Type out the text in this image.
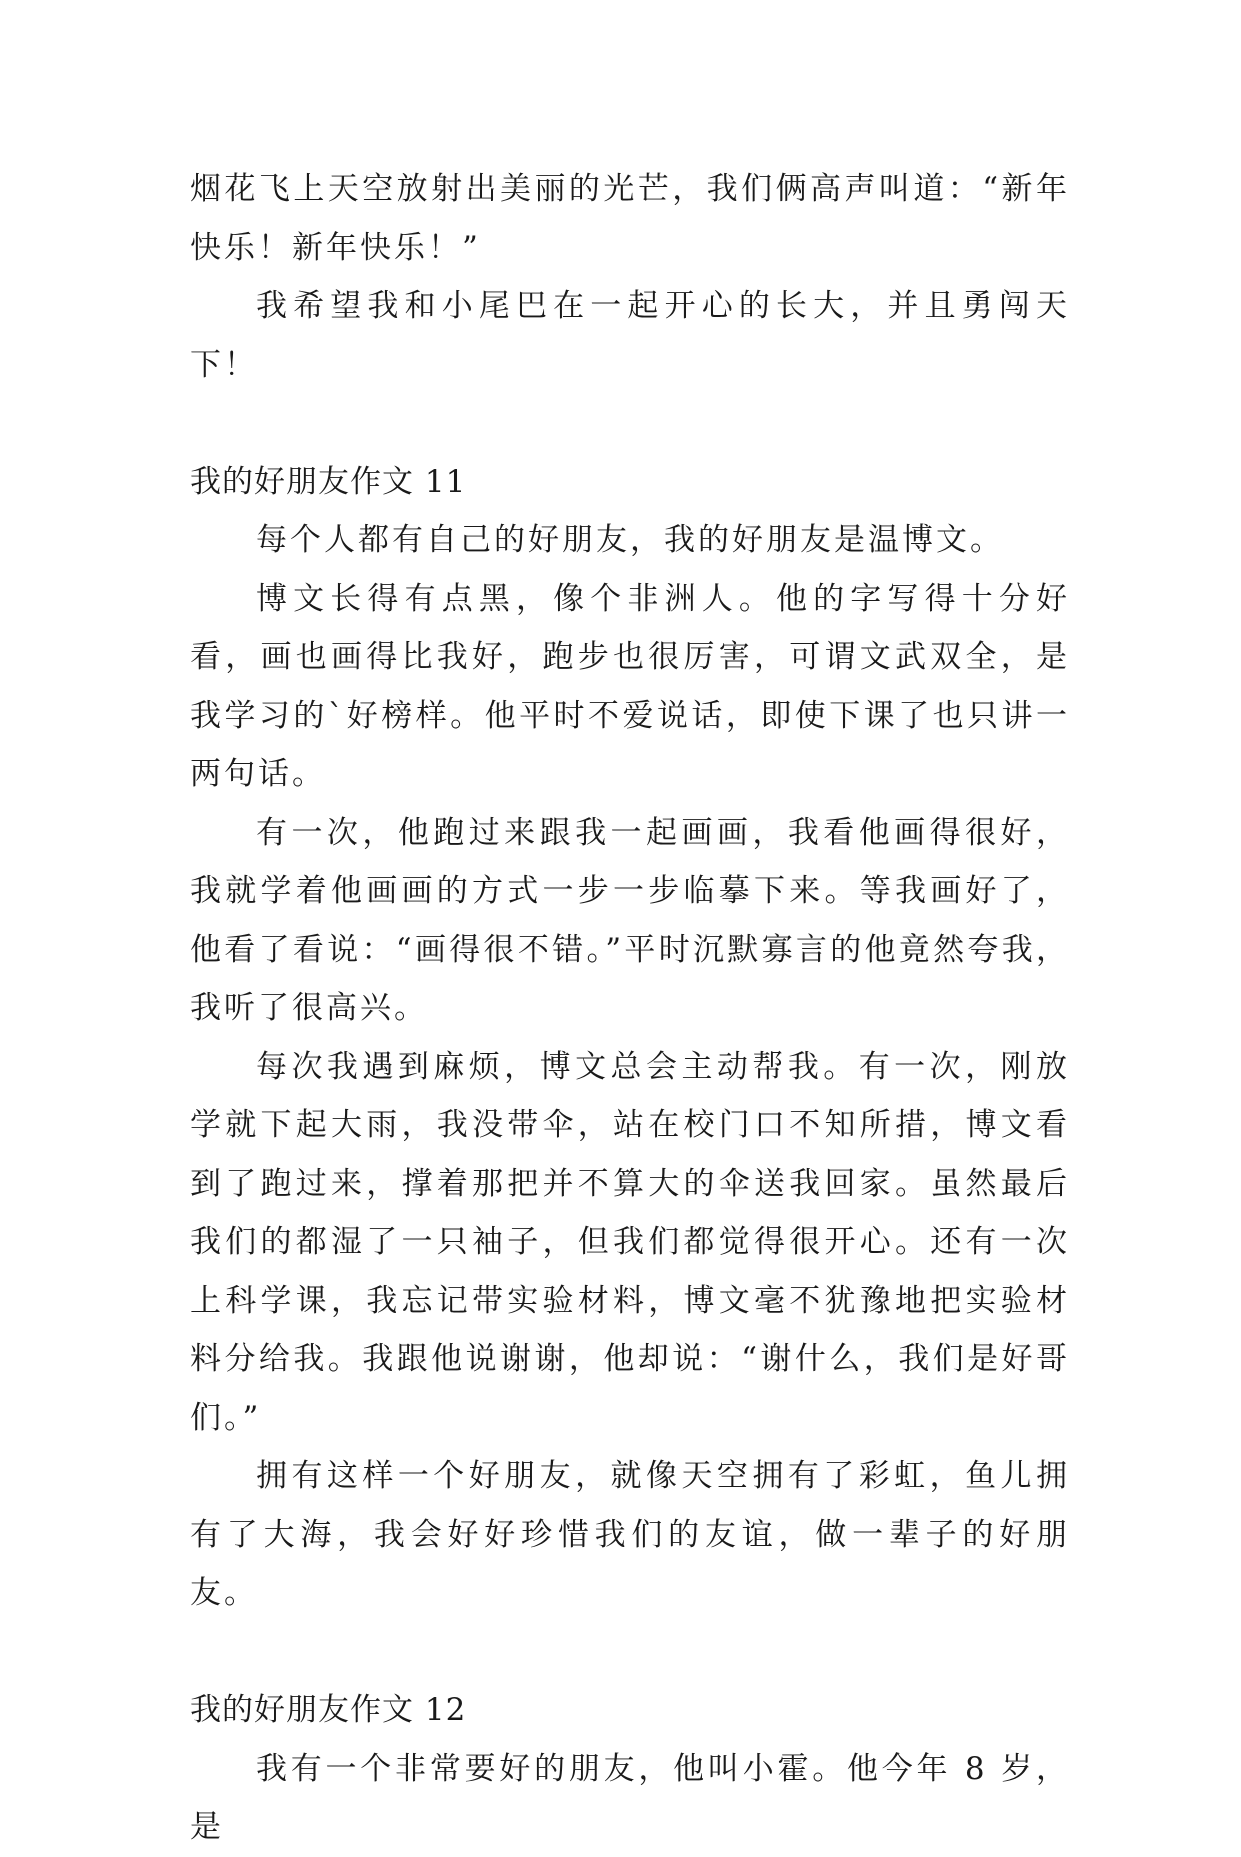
烟花飞上天空放射出美丽的光芒，我们俩高声叫道：“新年快乐！新年快乐！”

我希望我和小尾巴在一起开心的长大，并且勇闯天下！

我的好朋友作文 11

每个人都有自己的好朋友，我的好朋友是温博文。

博文长得有点黑，像个非洲人。他的字写得十分好看，画也画得比我好，跑步也很厉害，可谓文武双全，是我学习的`好榜样。他平时不爱说话，即使下课了也只讲一两句话。

有一次，他跑过来跟我一起画画，我看他画得很好，我就学着他画画的方式一步一步临摹下来。等我画好了，他看了看说：“画得很不错。”平时沉默寡言的他竟然夸我，我听了很高兴。

每次我遇到麻烦，博文总会主动帮我。有一次，刚放学就下起大雨，我没带伞，站在校门口不知所措，博文看到了跑过来，撑着那把并不算大的伞送我回家。虽然最后我们的都湿了一只袖子，但我们都觉得很开心。还有一次上科学课，我忘记带实验材料，博文毫不犹豫地把实验材料分给我。我跟他说谢谢，他却说：“谢什么，我们是好哥们。”

拥有这样一个好朋友，就像天空拥有了彩虹，鱼儿拥有了大海，我会好好珍惜我们的友谊，做一辈子的好朋友。

我的好朋友作文 12

我有一个非常要好的朋友，他叫小霍。他今年 8 岁，是
